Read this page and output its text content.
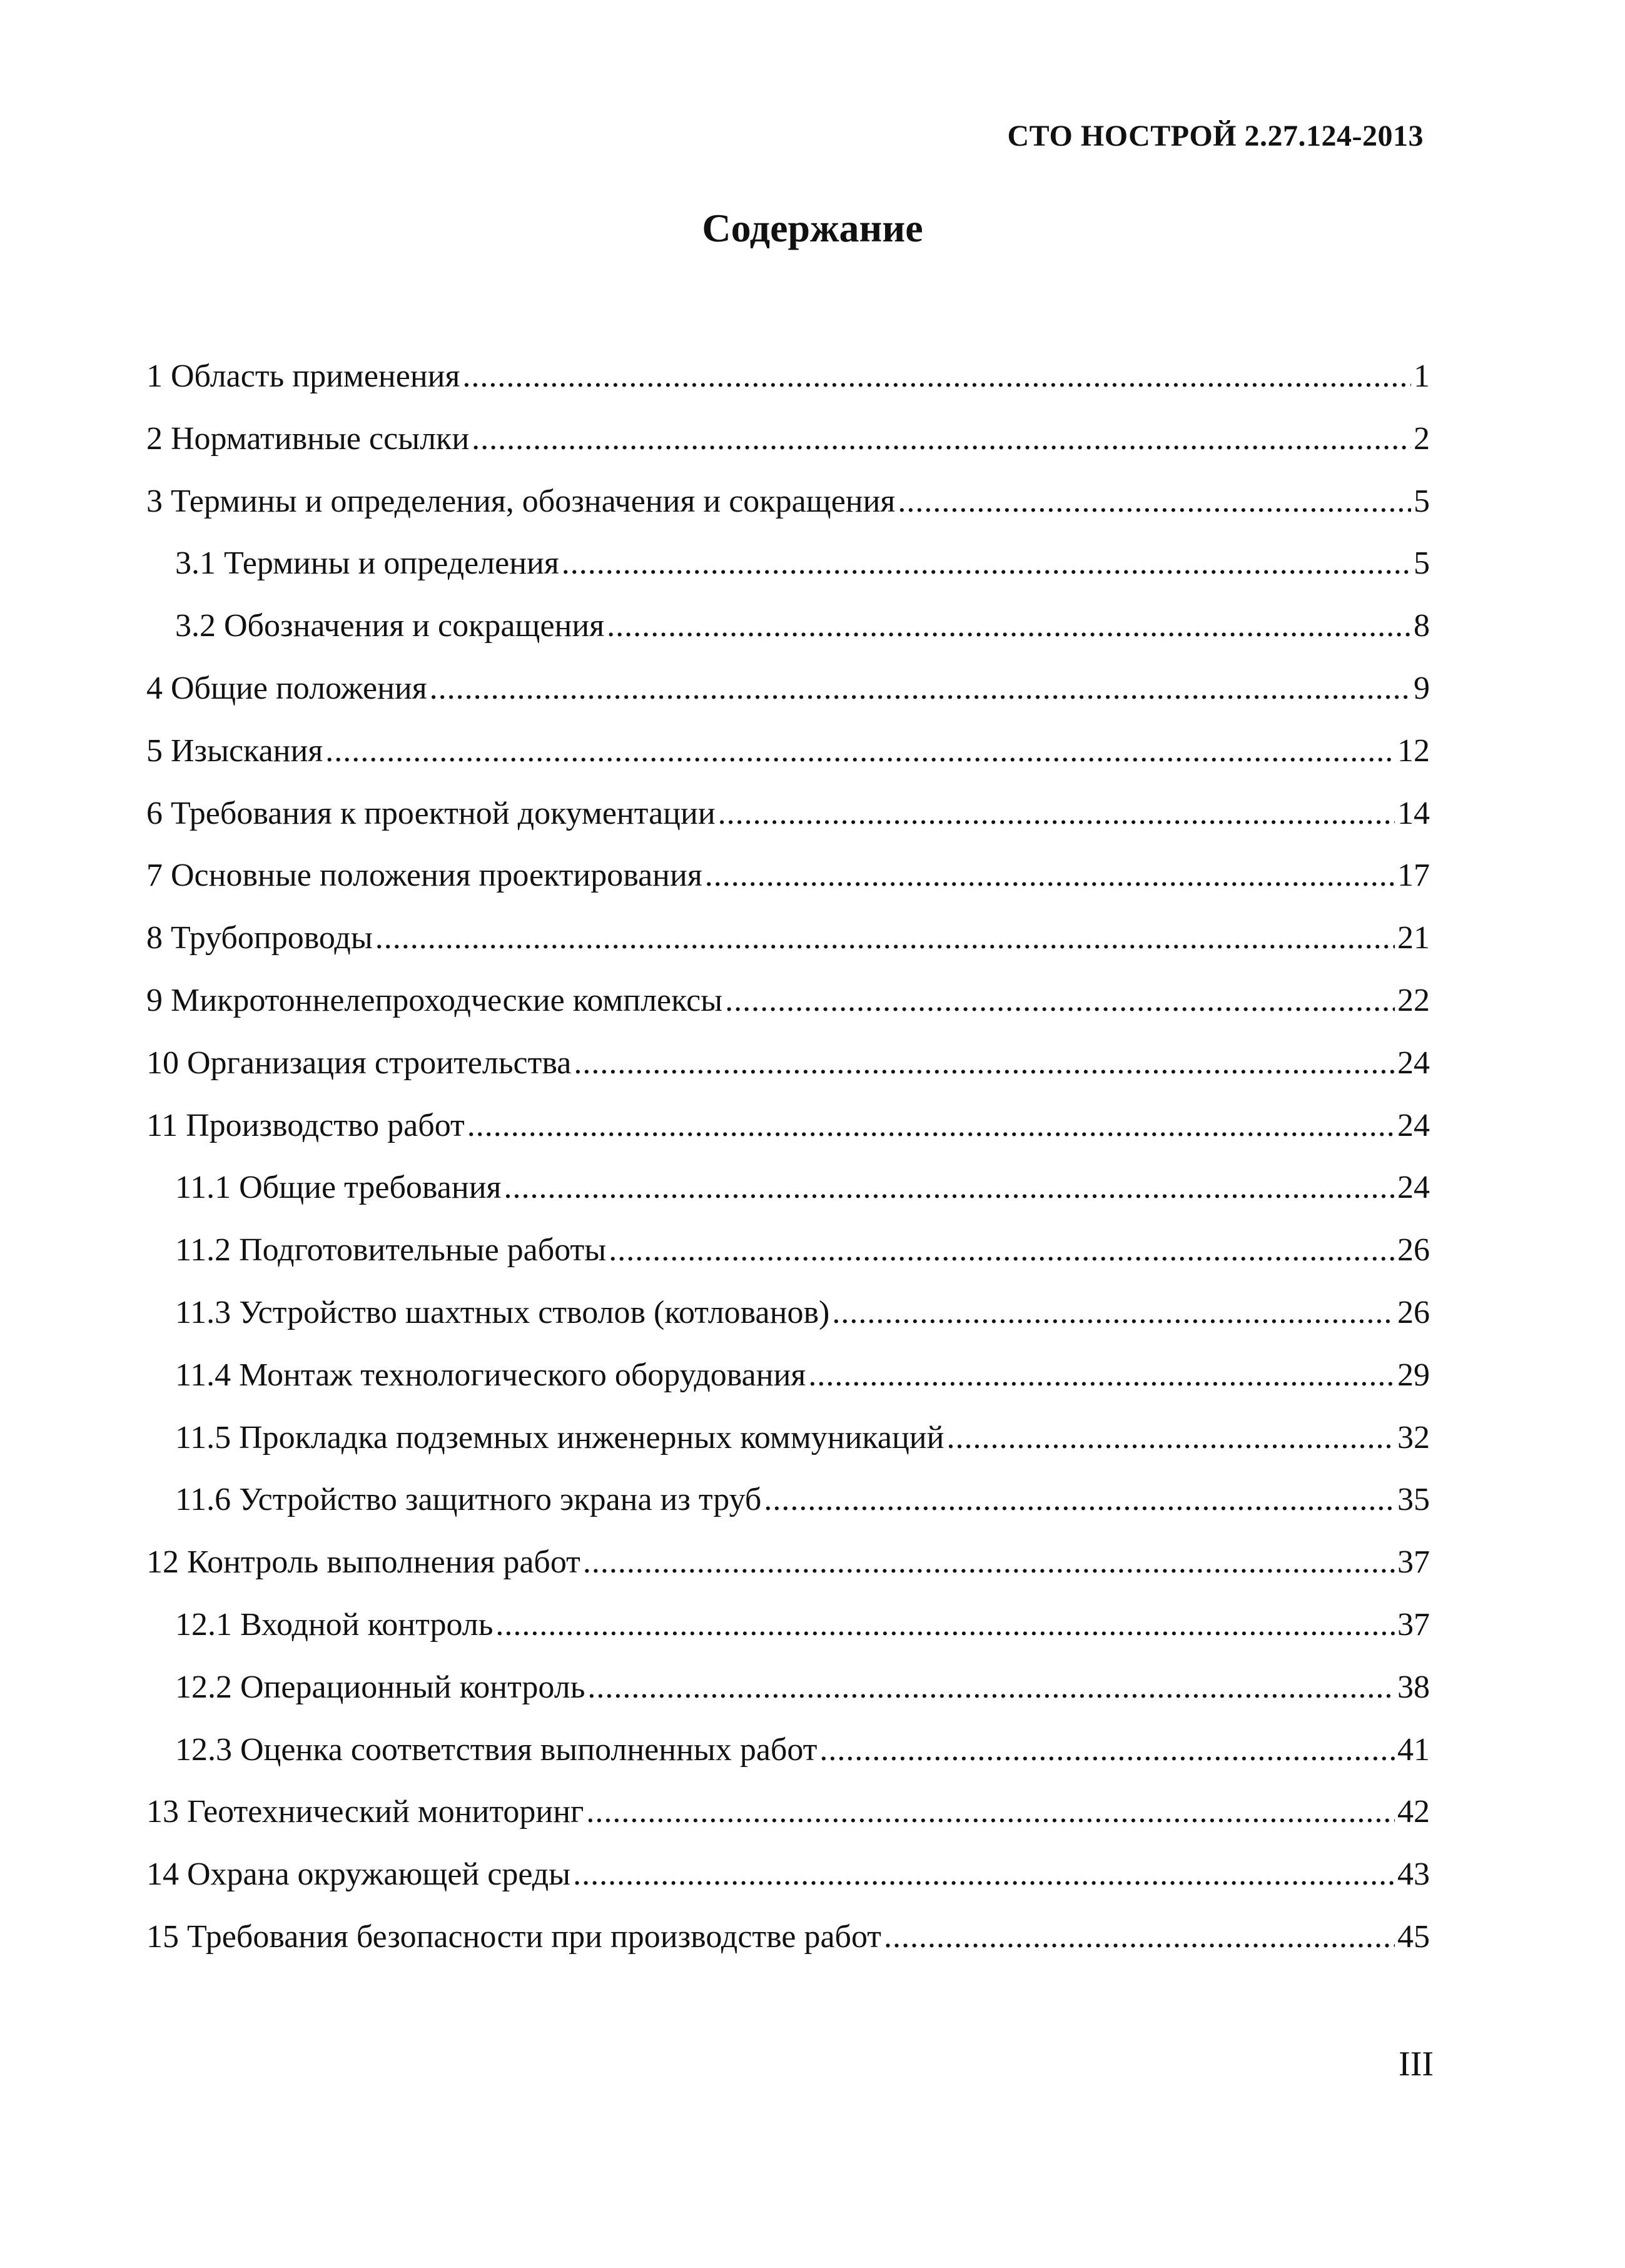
СТО НОСТРОЙ 2.27.124-2013
Содержание
1 Область применения .....	1
2 Нормативные ссылки .....	2
3 Термины и определения, обозначения и сокращения .....	5
3.1 Термины и определения .....	5
3.2 Обозначения и сокращения .....	8
4 Общие положения .....	9
5 Изыскания .....	12
6 Требования к проектной документации .....	14
7 Основные положения проектирования .....	17
8 Трубопроводы .....	21
9 Микротоннелепроходческие комплексы .....	22
10 Организация строительства .....	24
11 Производство работ .....	24
11.1 Общие требования .....	24
11.2 Подготовительные работы .....	26
11.3 Устройство шахтных стволов (котлованов) .....	26
11.4 Монтаж технологического оборудования .....	29
11.5 Прокладка подземных инженерных коммуникаций .....	32
11.6 Устройство защитного экрана из труб .....	35
12 Контроль выполнения работ .....	37
12.1 Входной контроль .....	37
12.2 Операционный контроль .....	38
12.3 Оценка соответствия выполненных работ .....	41
13 Геотехнический мониторинг .....	42
14 Охрана окружающей среды .....	43
15 Требования безопасности при производстве работ .....	45
III
